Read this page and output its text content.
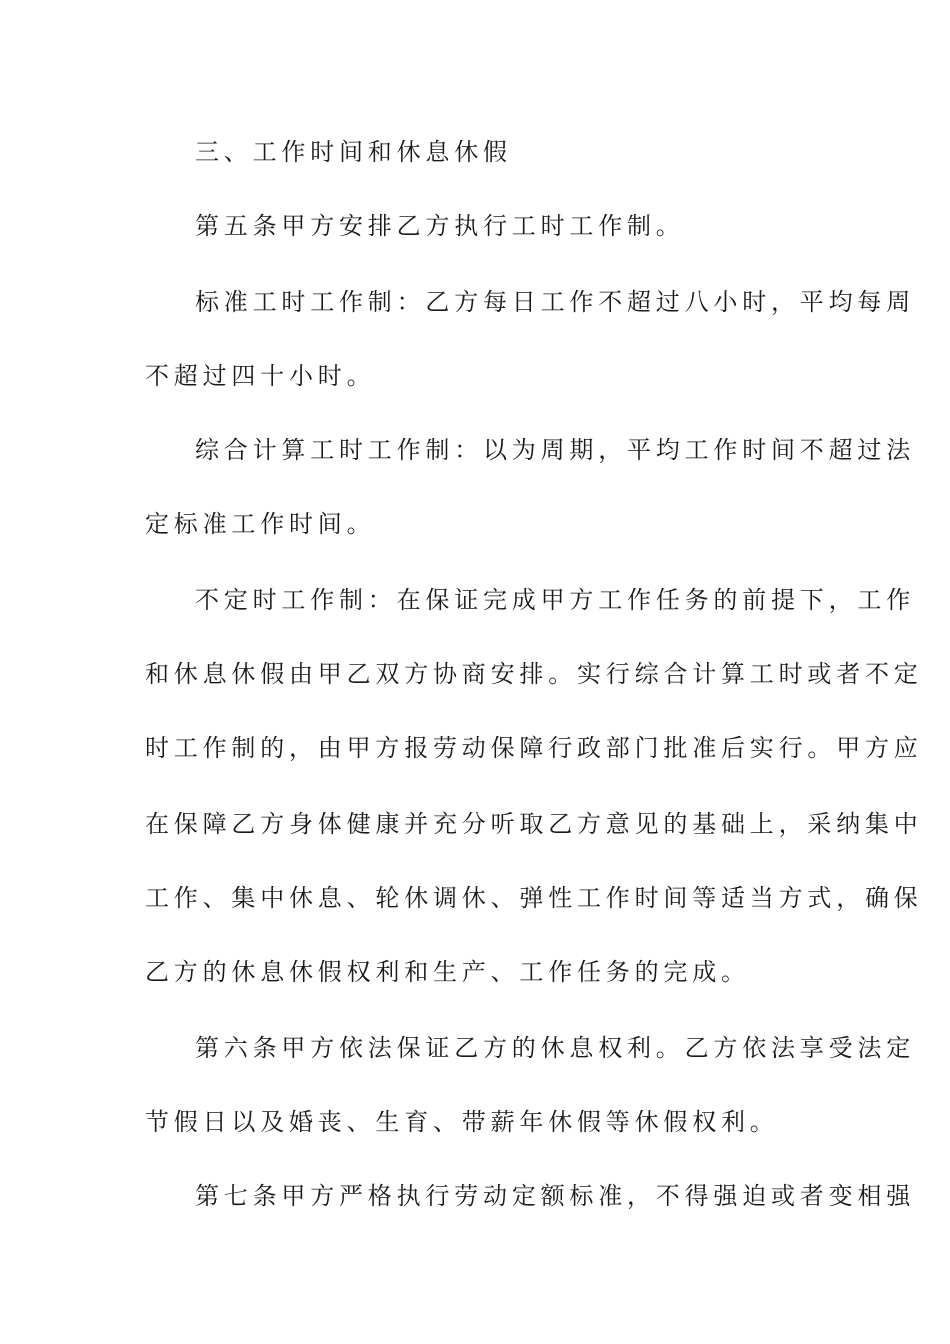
三、工作时间和休息休假
第五条甲方安排乙方执行工时工作制。
标准工时工作制：乙方每日工作不超过八小时，平均每周
不超过四十小时。
综合计算工时工作制：以为周期，平均工作时间不超过法
定标准工作时间。
不定时工作制：在保证完成甲方工作任务的前提下，工作
和休息休假由甲乙双方协商安排。实行综合计算工时或者不定
时工作制的，由甲方报劳动保障行政部门批准后实行。甲方应
在保障乙方身体健康并充分听取乙方意见的基础上，采纳集中
工作、集中休息、轮休调休、弹性工作时间等适当方式，确保
乙方的休息休假权利和生产、工作任务的完成。
第六条甲方依法保证乙方的休息权利。乙方依法享受法定
节假日以及婚丧、生育、带薪年休假等休假权利。
第七条甲方严格执行劳动定额标准，不得强迫或者变相强
